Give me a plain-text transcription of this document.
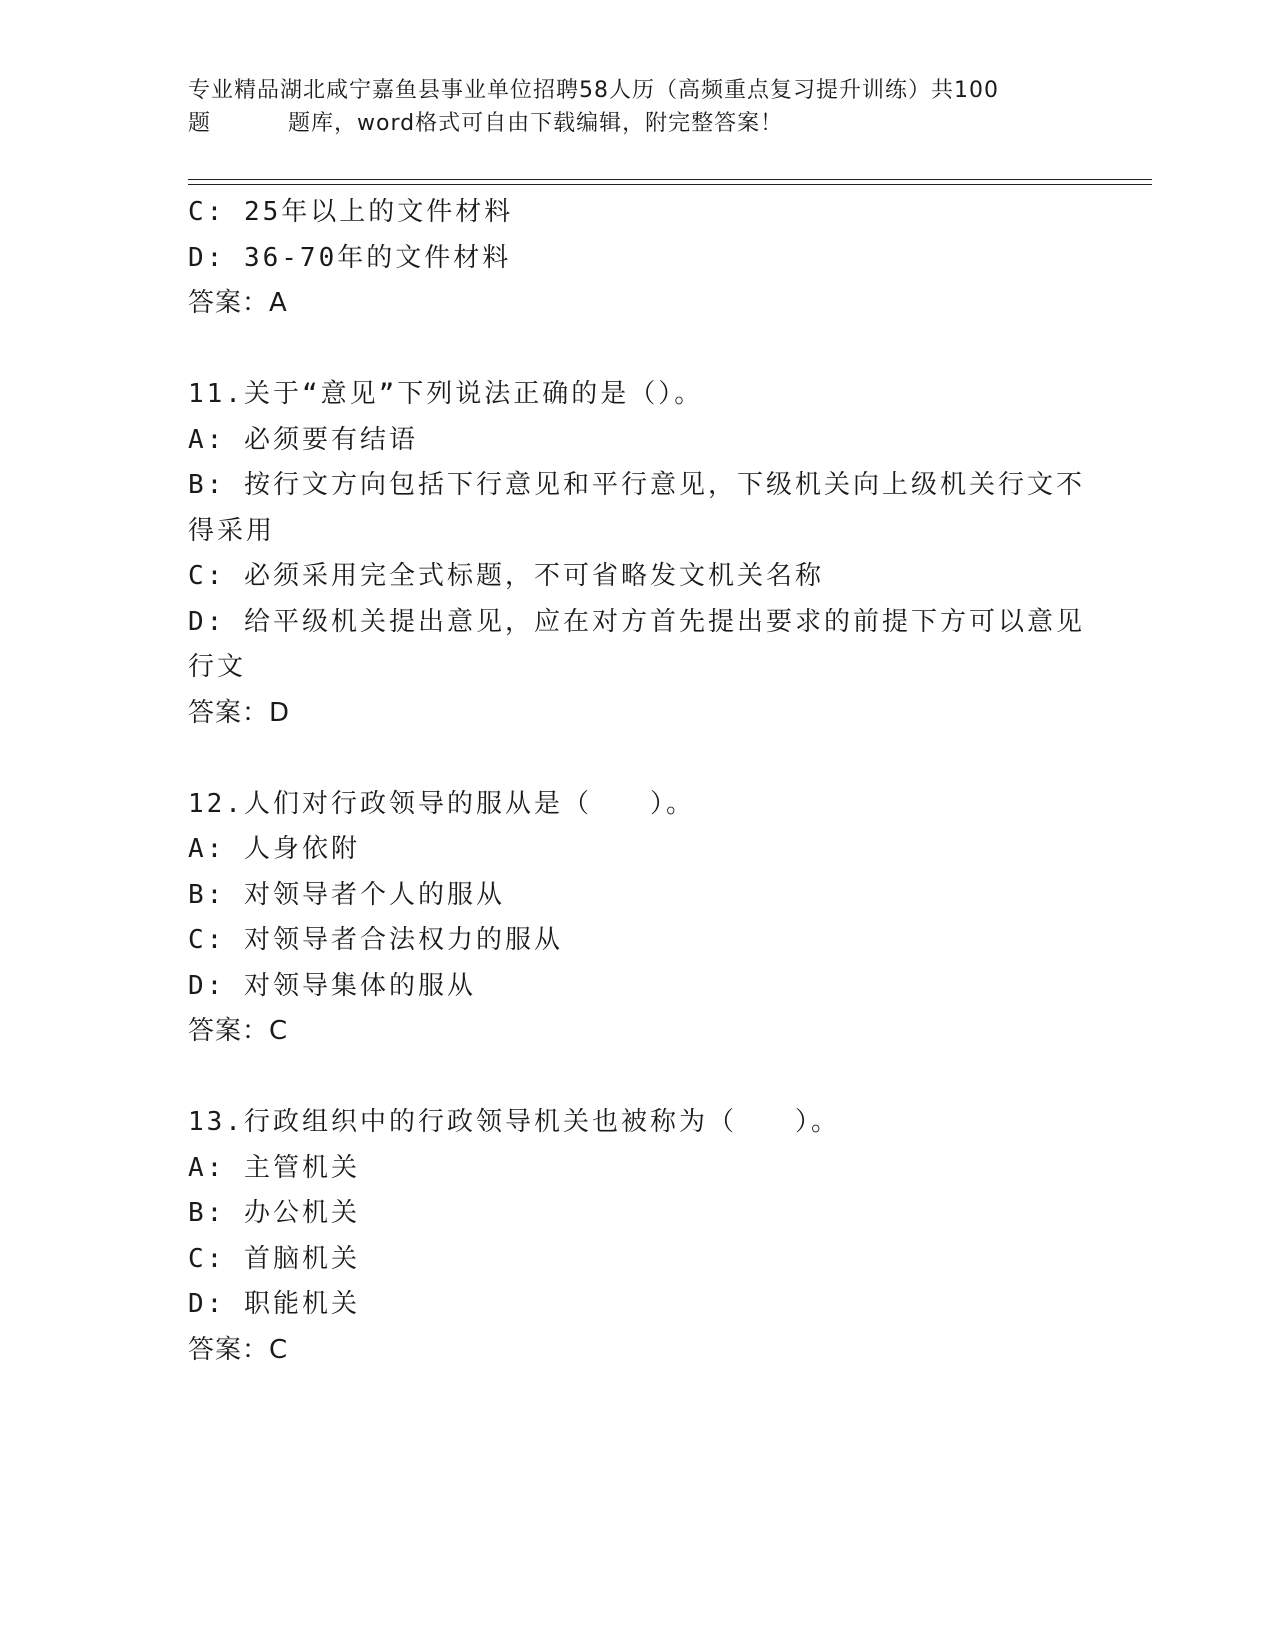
专业精品湖北咸宁嘉鱼县事业单位招聘58人历（高频重点复习提升训练）共100
题	题库，word格式可自由下载编辑，附完整答案！
C: 25年以上的文件材料
D: 36-70年的文件材料
答案：A
11.关于“意见”下列说法正确的是（）。
A: 必须要有结语
B: 按行文方向包括下行意见和平行意见，下级机关向上级机关行文不
得采用
C: 必须采用完全式标题，不可省略发文机关名称
D: 给平级机关提出意见，应在对方首先提出要求的前提下方可以意见
行文
答案：D
12.人们对行政领导的服从是（　　）。
A: 人身依附
B: 对领导者个人的服从
C: 对领导者合法权力的服从
D: 对领导集体的服从
答案：C
13.行政组织中的行政领导机关也被称为（　　）。
A: 主管机关
B: 办公机关
C: 首脑机关
D: 职能机关
答案：C
